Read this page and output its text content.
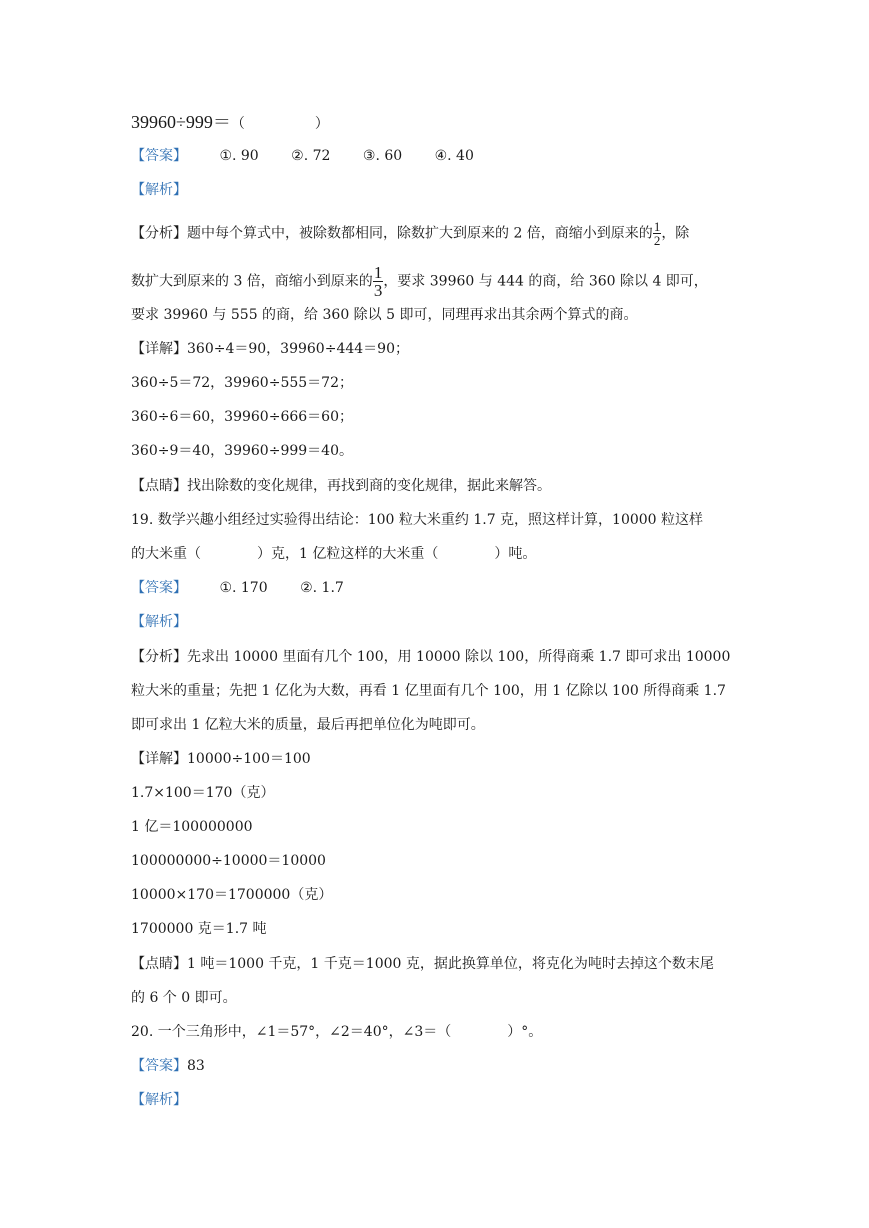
39960÷999＝（　　　　　）
【答案】 ①. 90 ②. 72 ③. 60 ④. 40
【解析】
【分析】题中每个算式中，被除数都相同，除数扩大到原来的 2 倍，商缩小到原来的 $\frac{1}{2}$ ，除
数扩大到原来的 3 倍，商缩小到原来的 $\frac{1}{3}$ ，要求 39960 与 444 的商，给 360 除以 4 即可，
要求 39960 与 555 的商，给 360 除以 5 即可，同理再求出其余两个算式的商。
【详解】360÷4＝90，39960÷444＝90；
360÷5＝72，39960÷555＝72；
360÷6＝60，39960÷666＝60；
360÷9＝40，39960÷999＝40。
【点睛】找出除数的变化规律，再找到商的变化规律，据此来解答。
19. 数学兴趣小组经过实验得出结论：100 粒大米重约 1.7 克，照这样计算，10000 粒这样
的大米重（　　　　）克，1 亿粒这样的大米重（　　　　）吨。
【答案】 ①. 170 ②. 1.7
【解析】
【分析】先求出 10000 里面有几个 100，用 10000 除以 100，所得商乘 1.7 即可求出 10000
粒大米的重量；先把 1 亿化为大数，再看 1 亿里面有几个 100，用 1 亿除以 100 所得商乘 1.7
即可求出 1 亿粒大米的质量，最后再把单位化为吨即可。
【详解】10000÷100＝100
1.7×100＝170（克）
1 亿＝100000000
100000000÷10000＝10000
10000×170＝1700000（克）
1700000 克＝1.7 吨
【点睛】1 吨＝1000 千克，1 千克＝1000 克，据此换算单位，将克化为吨时去掉这个数末尾
的 6 个 0 即可。
20. 一个三角形中，∠1＝57°，∠2＝40°，∠3＝（　　　　）°。
【答案】83
【解析】
